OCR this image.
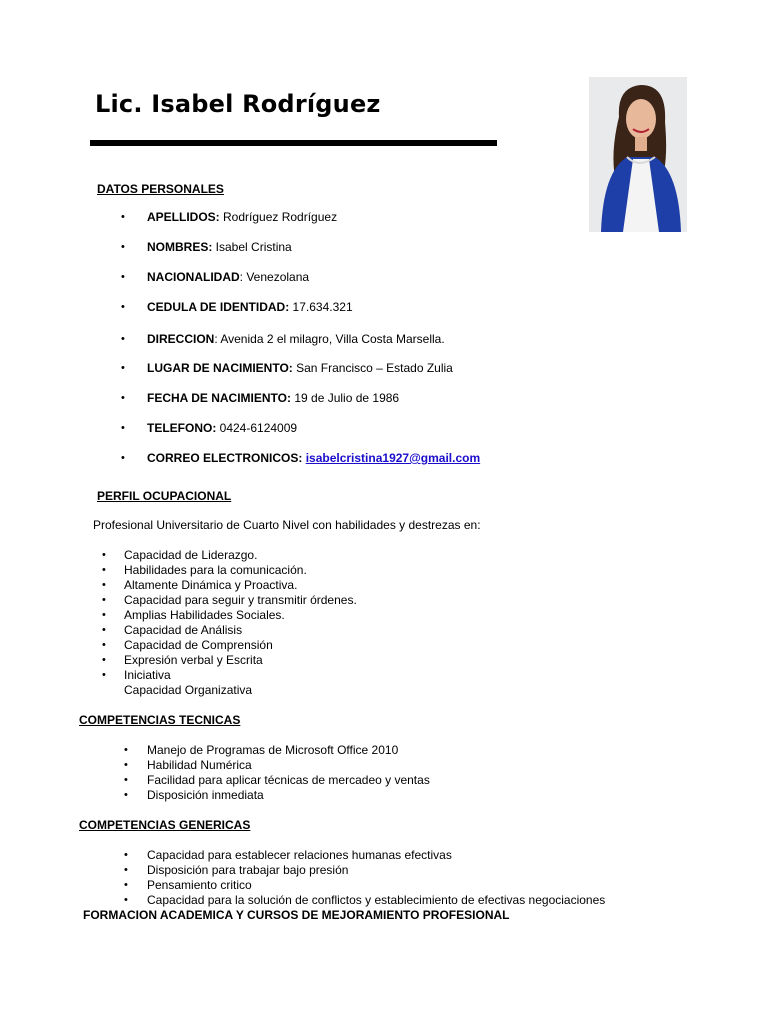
Lic. Isabel Rodríguez
DATOS PERSONALES
• APELLIDOS: Rodríguez Rodríguez
• NOMBRES: Isabel Cristina
• NACIONALIDAD: Venezolana
• CEDULA DE IDENTIDAD: 17.634.321
• DIRECCION: Avenida 2 el milagro, Villa Costa Marsella.
• LUGAR DE NACIMIENTO: San Francisco – Estado Zulia
• FECHA DE NACIMIENTO: 19 de Julio de 1986
• TELEFONO: 0424-6124009
• CORREO ELECTRONICOS: isabelcristina1927@gmail.com
PERFIL OCUPACIONAL
Profesional Universitario de Cuarto Nivel con habilidades y destrezas en:
• Capacidad de Liderazgo.
• Habilidades para la comunicación.
• Altamente Dinámica y Proactiva.
• Capacidad para seguir y transmitir órdenes.
• Amplias Habilidades Sociales.
• Capacidad de Análisis
• Capacidad de Comprensión
• Expresión verbal y Escrita
• Iniciativa
Capacidad Organizativa
COMPETENCIAS TECNICAS
• Manejo de Programas de Microsoft Office 2010
• Habilidad Numérica
• Facilidad para aplicar técnicas de mercadeo y ventas
• Disposición inmediata
COMPETENCIAS GENERICAS
• Capacidad para establecer relaciones humanas efectivas
• Disposición para trabajar bajo presión
• Pensamiento critico
• Capacidad para la solución de conflictos y establecimiento de efectivas negociaciones
FORMACION ACADEMICA Y CURSOS DE MEJORAMIENTO PROFESIONAL
